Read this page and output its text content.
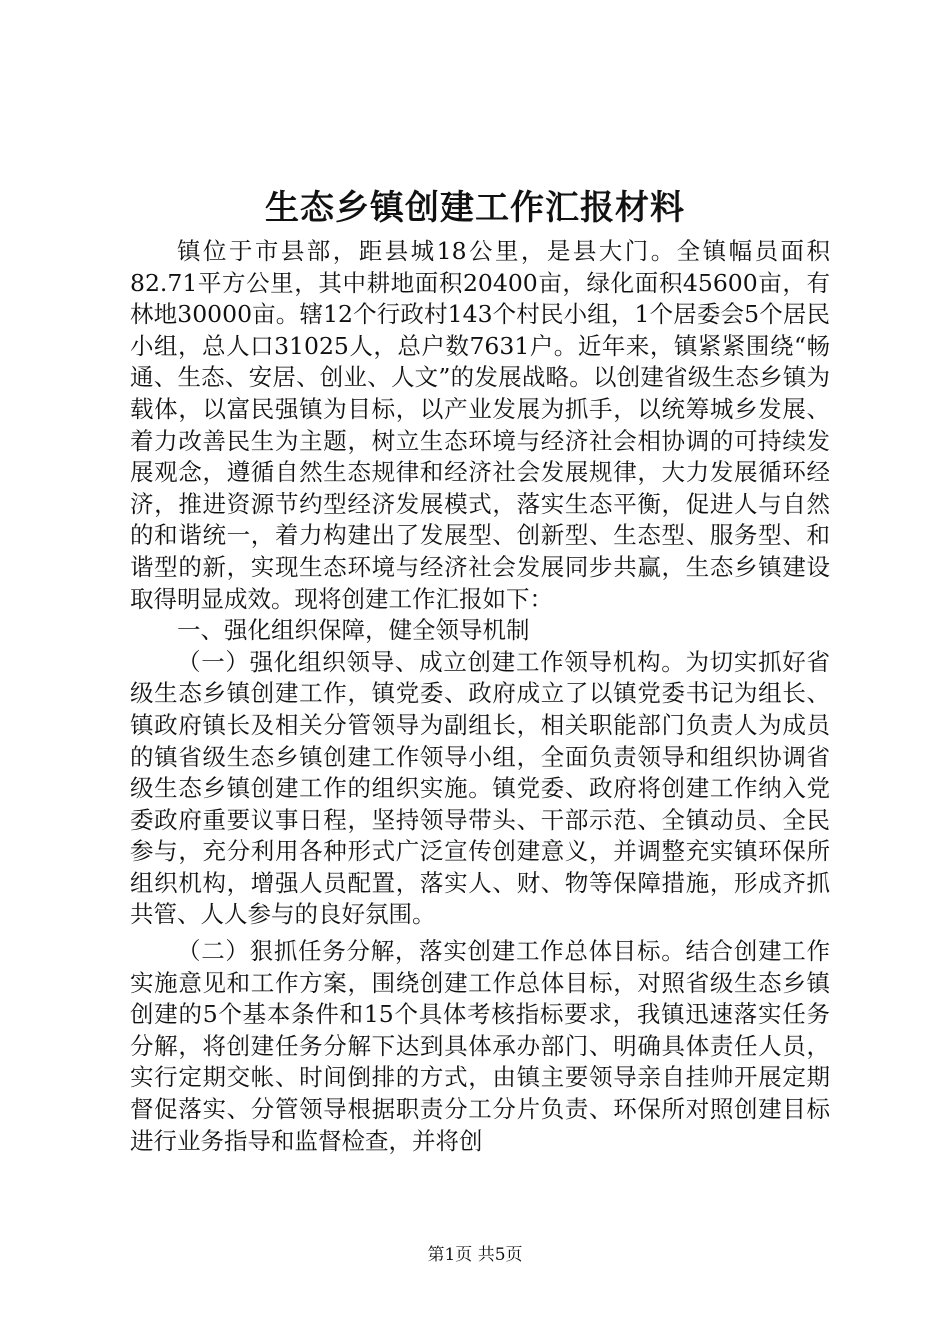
生态乡镇创建工作汇报材料

镇位于市县部，距县城18公里，是县大门。全镇幅员面积82.71平方公里，其中耕地面积20400亩，绿化面积45600亩，有林地30000亩。辖12个行政村143个村民小组，1个居委会5个居民小组，总人口31025人，总户数7631户。近年来，镇紧紧围绕“畅通、生态、安居、创业、人文”的发展战略。以创建省级生态乡镇为载体，以富民强镇为目标，以产业发展为抓手，以统筹城乡发展、着力改善民生为主题，树立生态环境与经济社会相协调的可持续发展观念，遵循自然生态规律和经济社会发展规律，大力发展循环经济，推进资源节约型经济发展模式，落实生态平衡，促进人与自然的和谐统一，着力构建出了发展型、创新型、生态型、服务型、和谐型的新，实现生态环境与经济社会发展同步共赢，生态乡镇建设取得明显成效。现将创建工作汇报如下：

一、强化组织保障，健全领导机制

（一）强化组织领导、成立创建工作领导机构。为切实抓好省级生态乡镇创建工作，镇党委、政府成立了以镇党委书记为组长、镇政府镇长及相关分管领导为副组长，相关职能部门负责人为成员的镇省级生态乡镇创建工作领导小组，全面负责领导和组织协调省级生态乡镇创建工作的组织实施。镇党委、政府将创建工作纳入党委政府重要议事日程，坚持领导带头、干部示范、全镇动员、全民参与，充分利用各种形式广泛宣传创建意义，并调整充实镇环保所组织机构，增强人员配置，落实人、财、物等保障措施，形成齐抓共管、人人参与的良好氛围。

（二）狠抓任务分解，落实创建工作总体目标。结合创建工作实施意见和工作方案，围绕创建工作总体目标，对照省级生态乡镇创建的5个基本条件和15个具体考核指标要求，我镇迅速落实任务分解，将创建任务分解下达到具体承办部门、明确具体责任人员，实行定期交帐、时间倒排的方式，由镇主要领导亲自挂帅开展定期督促落实、分管领导根据职责分工分片负责、环保所对照创建目标进行业务指导和监督检查，并将创

第1页 共5页
